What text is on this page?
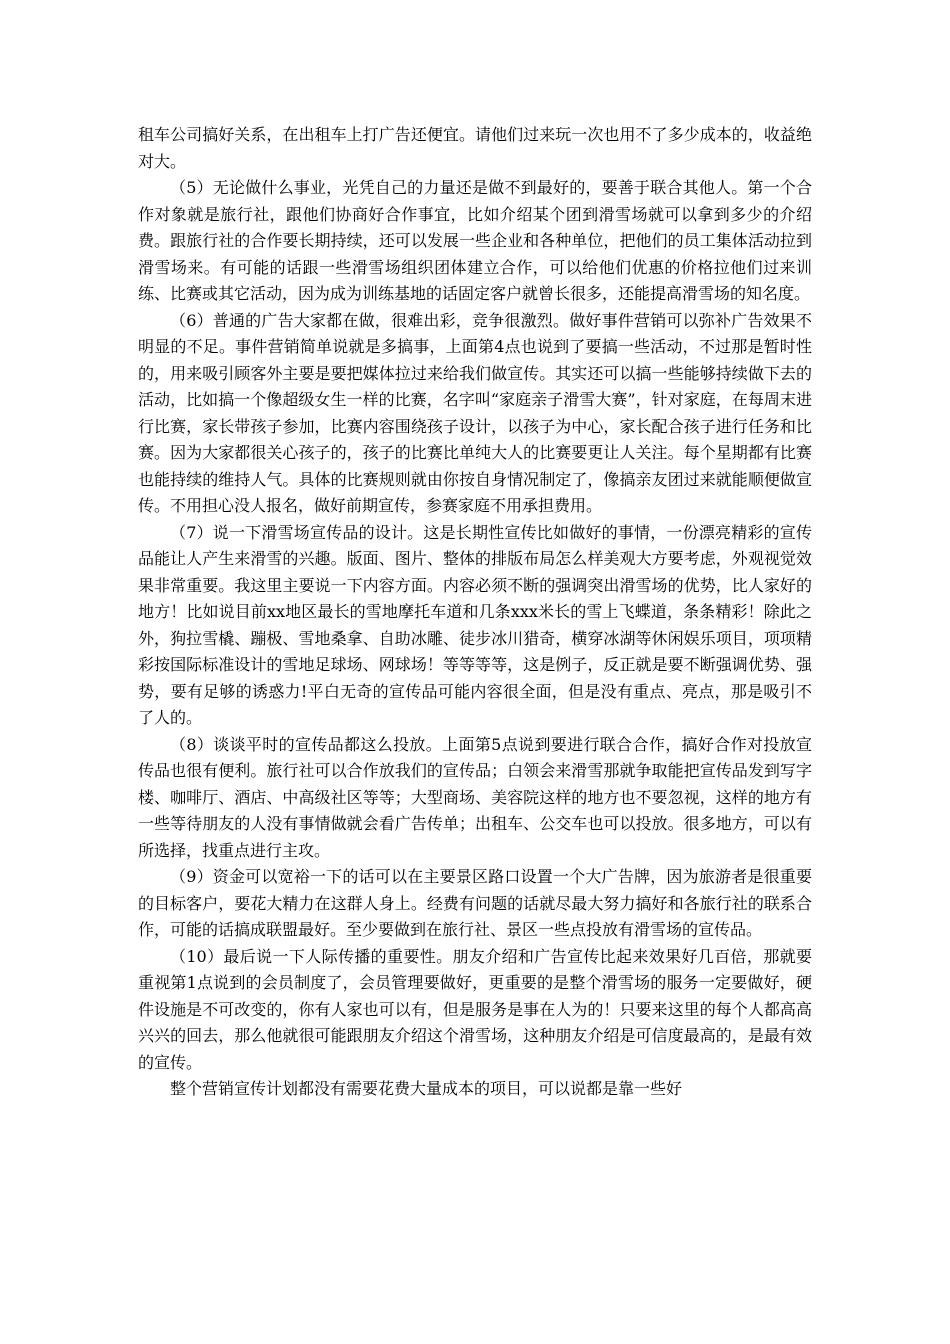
租车公司搞好关系，在出租车上打广告还便宜。请他们过来玩一次也用不了多少成本的，收益绝对大。

（5）无论做什么事业，光凭自己的力量还是做不到最好的，要善于联合其他人。第一个合作对象就是旅行社，跟他们协商好合作事宜，比如介绍某个团到滑雪场就可以拿到多少的介绍费。跟旅行社的合作要长期持续，还可以发展一些企业和各种单位，把他们的员工集体活动拉到滑雪场来。有可能的话跟一些滑雪场组织团体建立合作，可以给他们优惠的价格拉他们过来训练、比赛或其它活动，因为成为训练基地的话固定客户就曾长很多，还能提高滑雪场的知名度。

（6）普通的广告大家都在做，很难出彩，竞争很激烈。做好事件营销可以弥补广告效果不明显的不足。事件营销简单说就是多搞事，上面第4点也说到了要搞一些活动，不过那是暂时性的，用来吸引顾客外主要是要把媒体拉过来给我们做宣传。其实还可以搞一些能够持续做下去的活动，比如搞一个像超级女生一样的比赛，名字叫“家庭亲子滑雪大赛”，针对家庭，在每周末进行比赛，家长带孩子参加，比赛内容围绕孩子设计，以孩子为中心，家长配合孩子进行任务和比赛。因为大家都很关心孩子的，孩子的比赛比单纯大人的比赛要更让人关注。每个星期都有比赛也能持续的维持人气。具体的比赛规则就由你按自身情况制定了，像搞亲友团过来就能顺便做宣传。不用担心没人报名，做好前期宣传，参赛家庭不用承担费用。

（7）说一下滑雪场宣传品的设计。这是长期性宣传比如做好的事情，一份漂亮精彩的宣传品能让人产生来滑雪的兴趣。版面、图片、整体的排版布局怎么样美观大方要考虑，外观视觉效果非常重要。我这里主要说一下内容方面。内容必须不断的强调突出滑雪场的优势，比人家好的地方！比如说目前xx地区最长的雪地摩托车道和几条xxx米长的雪上飞蝶道，条条精彩！除此之外，狗拉雪橇、蹦极、雪地桑拿、自助冰雕、徒步冰川猎奇，横穿冰湖等休闲娱乐项目，项项精彩按国际标准设计的雪地足球场、网球场！等等等等，这是例子，反正就是要不断强调优势、强势，要有足够的诱惑力!平白无奇的宣传品可能内容很全面，但是没有重点、亮点，那是吸引不了人的。

（8）谈谈平时的宣传品都这么投放。上面第5点说到要进行联合合作，搞好合作对投放宣传品也很有便利。旅行社可以合作放我们的宣传品；白领会来滑雪那就争取能把宣传品发到写字楼、咖啡厅、酒店、中高级社区等等；大型商场、美容院这样的地方也不要忽视，这样的地方有一些等待朋友的人没有事情做就会看广告传单；出租车、公交车也可以投放。很多地方，可以有所选择，找重点进行主攻。

（9）资金可以宽裕一下的话可以在主要景区路口设置一个大广告牌，因为旅游者是很重要的目标客户，要花大精力在这群人身上。经费有问题的话就尽最大努力搞好和各旅行社的联系合作，可能的话搞成联盟最好。至少要做到在旅行社、景区一些点投放有滑雪场的宣传品。

（10）最后说一下人际传播的重要性。朋友介绍和广告宣传比起来效果好几百倍，那就要重视第1点说到的会员制度了，会员管理要做好，更重要的是整个滑雪场的服务一定要做好，硬件设施是不可改变的，你有人家也可以有，但是服务是事在人为的！只要来这里的每个人都高高兴兴的回去，那么他就很可能跟朋友介绍这个滑雪场，这种朋友介绍是可信度最高的，是最有效的宣传。

整个营销宣传计划都没有需要花费大量成本的项目，可以说都是靠一些好
